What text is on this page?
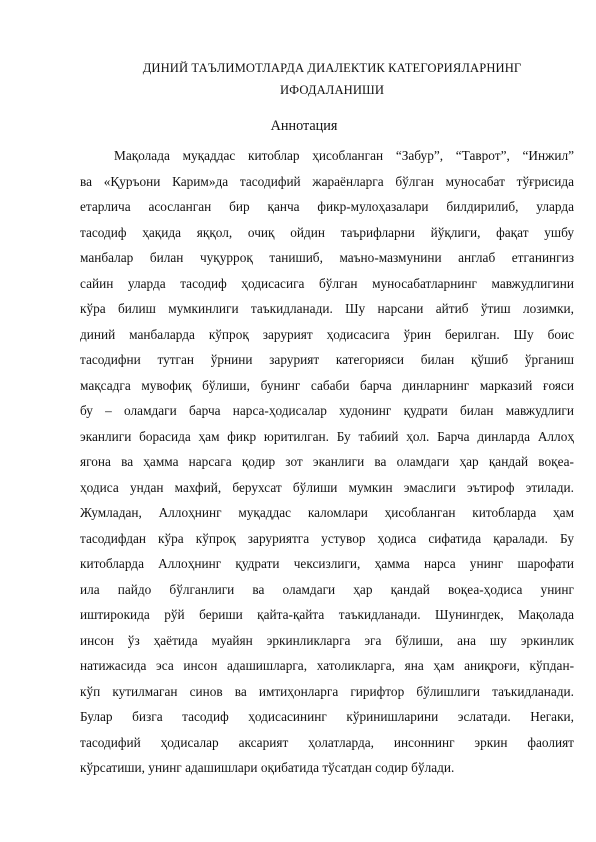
ДИНИЙ ТАЪЛИМОТЛАРДА ДИАЛЕКТИК КАТЕГОРИЯЛАРНИНГ
ИФОДАЛАНИШИ
Аннотация
Мақолада муқаддас китоблар ҳисобланган “Забур”, “Таврот”, “Инжил”
ва «Қуръони Карим»да тасодифий жараёнларга бўлган муносабат тўғрисида
етарлича асосланган бир қанча фикр-мулоҳазалари билдирилиб, уларда
тасодиф ҳақида яққол, очиқ ойдин таърифларни йўқлиги, фақат ушбу
манбалар билан чуқурроқ танишиб, маъно-мазмунини англаб етганингиз
сайин уларда тасодиф ҳодисасига бўлган муносабатларнинг мавжудлигини
кўра билиш мумкинлиги таъкидланади. Шу нарсани айтиб ўтиш лозимки,
диний манбаларда кўпроқ зарурият ҳодисасига ўрин берилган. Шу боис
тасодифни тутган ўрнини зарурият категорияси билан қўшиб ўрганиш
мақсадга мувофиқ бўлиши, бунинг сабаби барча динларнинг марказий ғояси
бу – оламдаги барча нарса-ҳодисалар худонинг қудрати билан мавжудлиги
эканлиги борасида ҳам фикр юритилган. Бу табиий ҳол. Барча динларда Аллоҳ
ягона ва ҳамма нарсага қодир зот эканлиги ва оламдаги ҳар қандай воқеа-
ҳодиса ундан махфий, берухсат бўлиши мумкин эмаслиги эътироф этилади.
Жумладан, Аллоҳнинг муқаддас каломлари ҳисобланган китобларда ҳам
тасодифдан кўра кўпроқ заруриятга устувор ҳодиса сифатида қаралади. Бу
китобларда Аллоҳнинг қудрати чексизлиги, ҳамма нарса унинг шарофати
ила пайдо бўлганлиги ва оламдаги ҳар қандай воқеа-ҳодиса унинг
иштирокида рўй бериши қайта-қайта таъкидланади. Шунингдек, Мақолада
инсон ўз ҳаётида муайян эркинликларга эга бўлиши, ана шу эркинлик
натижасида эса инсон адашишларга, хатоликларга, яна ҳам аниқроғи, кўпдан-
кўп кутилмаган синов ва имтиҳонларга гирифтор бўлишлиги таъкидланади.
Булар бизга тасодиф ҳодисасининг кўринишларини эслатади. Негаки,
тасодифий ҳодисалар аксарият ҳолатларда, инсоннинг эркин фаолият
кўрсатиши, унинг адашишлари оқибатида тўсатдан содир бўлади.
